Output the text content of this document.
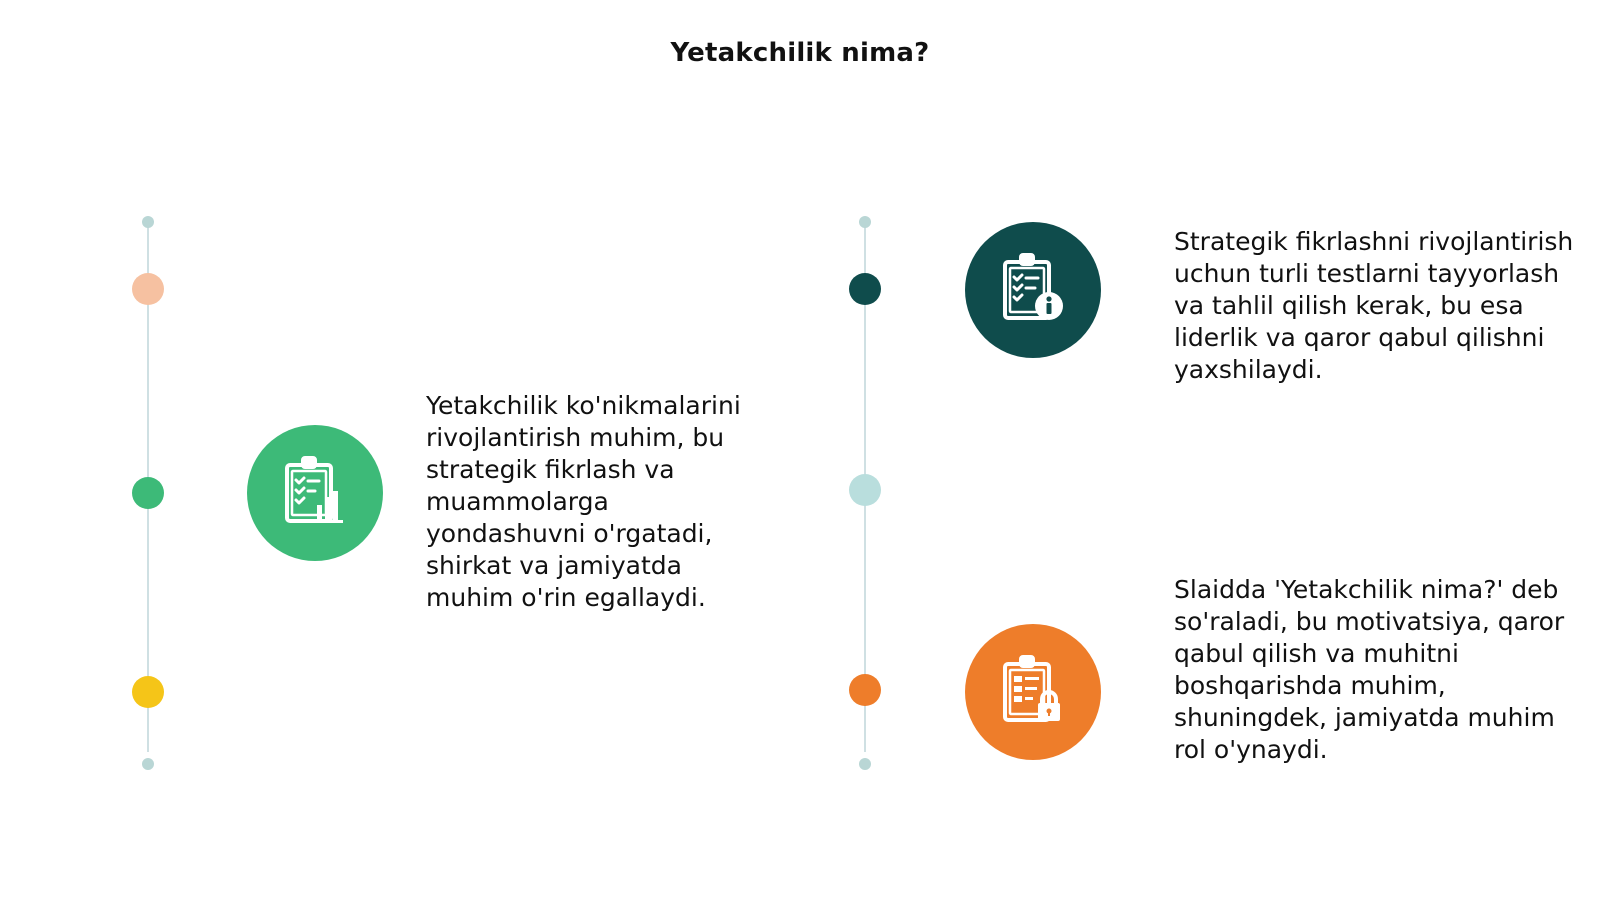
Yetakchilik nima?
Yetakchilik ko'nikmalarini rivojlantirish muhim, bu strategik fikrlash va muammolarga yondashuvni o'rgatadi, shirkat va jamiyatda muhim o'rin egallaydi.
Strategik fikrlashni rivojlantirish uchun turli testlarni tayyorlash va tahlil qilish kerak, bu esa liderlik va qaror qabul qilishni yaxshilaydi.
Slaidda 'Yetakchilik nima?' deb so'raladi, bu motivatsiya, qaror qabul qilish va muhitni boshqarishda muhim, shuningdek, jamiyatda muhim rol o'ynaydi.
